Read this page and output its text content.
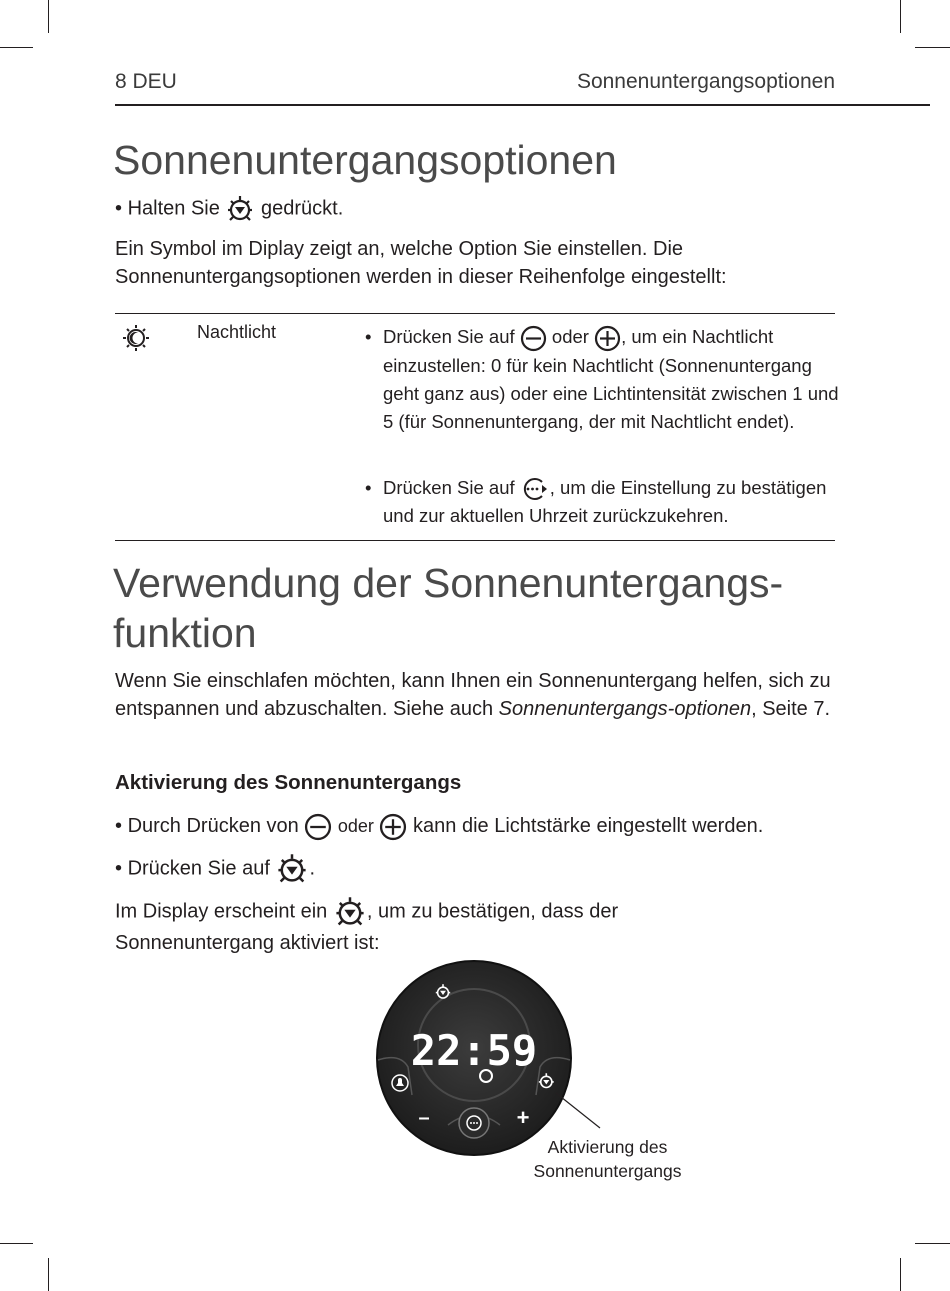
8 DEU	Sonnenuntergangsoptionen
Sonnenuntergangsoptionen
• Halten Sie gedrückt.
Ein Symbol im Diplay zeigt an, welche Option Sie einstellen. Die Sonnenuntergangsoptionen werden in dieser Reihenfolge eingestellt:
Nachtlicht	• Drücken Sie auf oder , um ein Nachtlicht einzustellen: 0 für kein Nachtlicht (Sonnenuntergang geht ganz aus) oder eine Lichtintensität zwischen 1 und 5 (für Sonnenuntergang, der mit Nachtlicht endet).
• Drücken Sie auf , um die Einstellung zu bestätigen und zur aktuellen Uhrzeit zurückzukehren.
Verwendung der Sonnenuntergangs-
funktion
Wenn Sie einschlafen möchten, kann Ihnen ein Sonnenuntergang helfen, sich zu entspannen und abzuschalten. Siehe auch Sonnenuntergangs-optionen, Seite 7.
Aktivierung des Sonnenuntergangs
• Durch Drücken von oder kann die Lichtstärke eingestellt werden.
• Drücken Sie auf .
Im Display erscheint ein , um zu bestätigen, dass der Sonnenuntergang aktiviert ist:
22:59
–	+
Aktivierung des
Sonnenuntergangs
